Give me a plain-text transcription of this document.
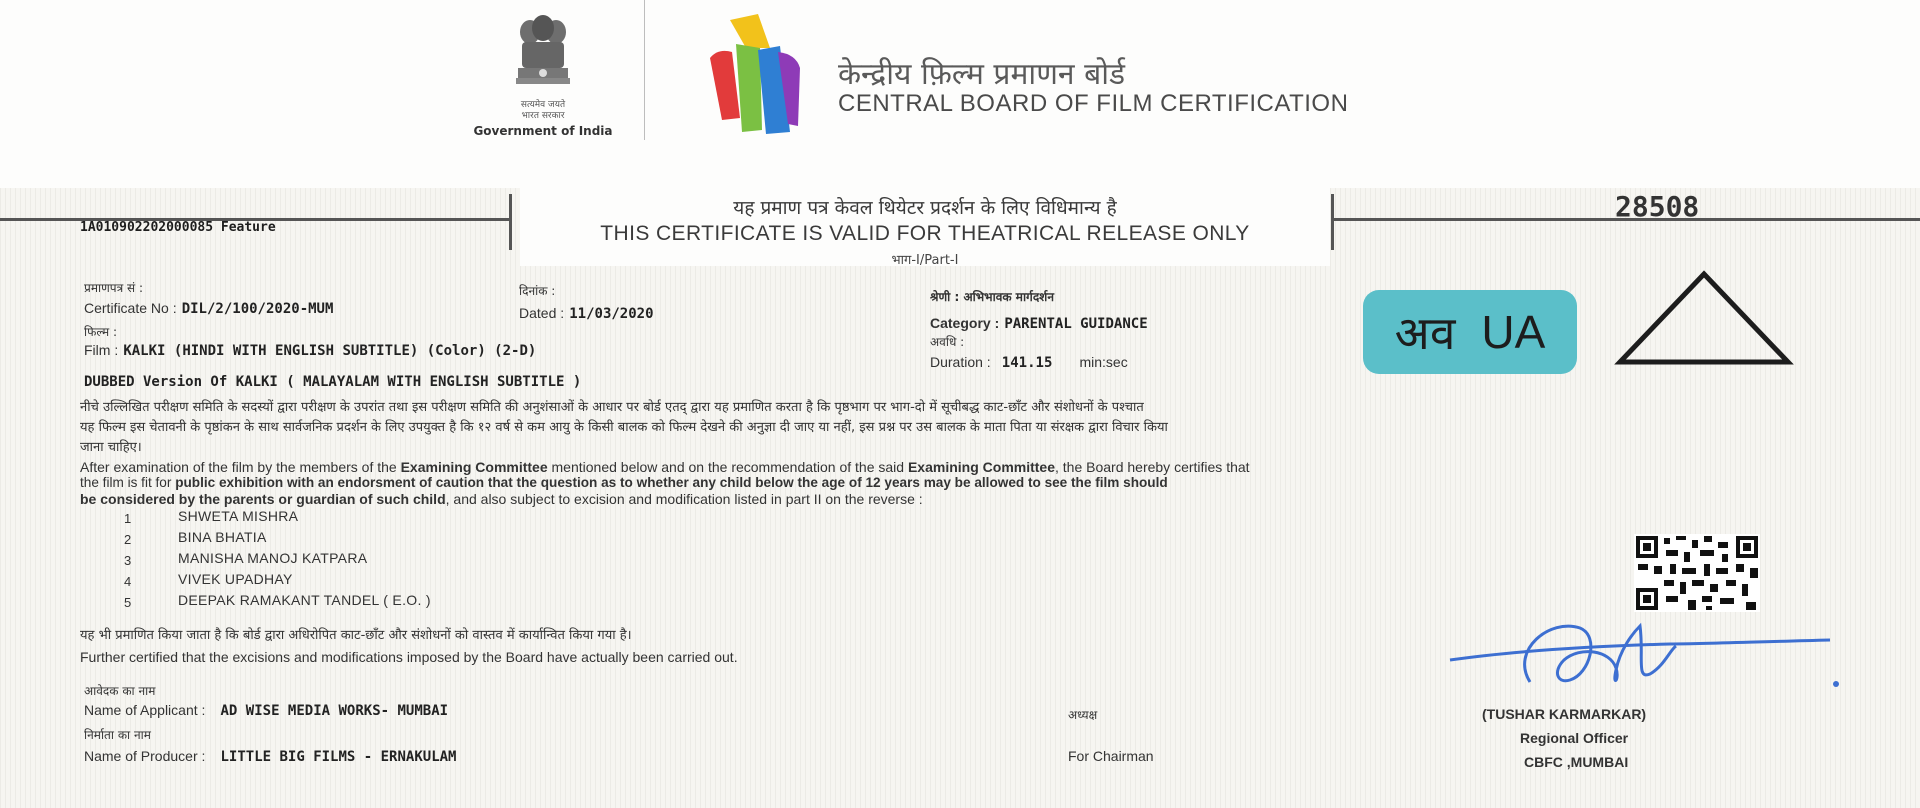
सत्यमेव जयते
भारत सरकार
Government of India
केन्द्रीय फ़िल्म प्रमाणन बोर्ड
CENTRAL BOARD OF FILM CERTIFICATION
1A010902202000085 Feature
28508
यह प्रमाण पत्र केवल थियेटर प्रदर्शन के लिए विधिमान्य है
THIS CERTIFICATE IS VALID FOR THEATRICAL RELEASE ONLY
भाग-I/Part-I
प्रमाणपत्र सं :
Certificate No : DIL/2/100/2020-MUM
दिनांक :
Dated : 11/03/2020
श्रेणी : अभिभावक मार्गदर्शन
Category : PARENTAL GUIDANCE
अवधि :
Duration : 141.15 min:sec
फिल्म :
Film : KALKI (HINDI WITH ENGLISH SUBTITLE) (Color) (2-D)
DUBBED Version Of KALKI ( MALAYALAM WITH ENGLISH SUBTITLE )
अव UA
नीचे उल्लिखित परीक्षण समिति के सदस्यों द्वारा परीक्षण के उपरांत तथा इस परीक्षण समिति की अनुशंसाओं के आधार पर बोर्ड एतद् द्वारा यह प्रमाणित करता है कि पृष्ठभाग पर भाग-दो में सूचीबद्ध काट-छाँट और संशोधनों के पश्चात
यह फिल्म इस चेतावनी के पृष्ठांकन के साथ सार्वजनिक प्रदर्शन के लिए उपयुक्त है कि १२ वर्ष से कम आयु के किसी बालक को फिल्म देखने की अनुज्ञा दी जाए या नहीं, इस प्रश्न पर उस बालक के माता पिता या संरक्षक द्वारा विचार किया
जाना चाहिए।
After examination of the film by the members of the Examining Committee mentioned below and on the recommendation of the said Examining Committee, the Board hereby certifies that
the film is fit for public exhibition with an endorsment of caution that the question as to whether any child below the age of 12 years may be allowed to see the film should
be considered by the parents or guardian of such child, and also subject to excision and modification listed in part II on the reverse :
1	SHWETA MISHRA
2	BINA BHATIA
3	MANISHA MANOJ KATPARA
4	VIVEK UPADHAY
5	DEEPAK RAMAKANT TANDEL ( E.O. )
यह भी प्रमाणित किया जाता है कि बोर्ड द्वारा अधिरोपित काट-छाँट और संशोधनों को वास्तव में कार्यान्वित किया गया है।
Further certified that the excisions and modifications imposed by the Board have actually been carried out.
आवेदक का नाम
Name of Applicant : AD WISE MEDIA WORKS- MUMBAI
निर्माता का नाम
Name of Producer : LITTLE BIG FILMS - ERNAKULAM
अध्यक्ष
For Chairman
(TUSHAR KARMARKAR)
Regional Officer
CBFC ,MUMBAI
